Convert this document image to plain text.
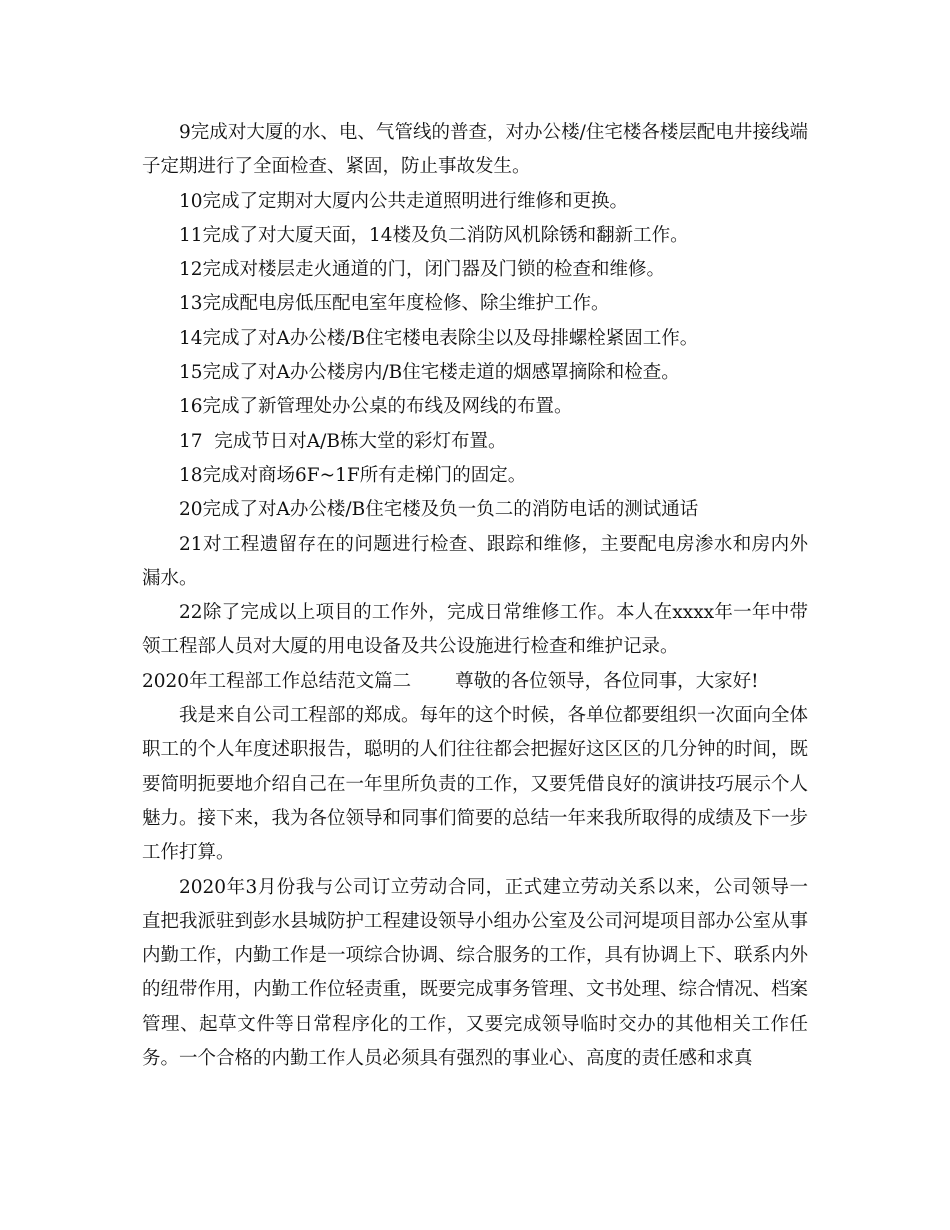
9完成对大厦的水、电、气管线的普查，对办公楼/住宅楼各楼层配电井接线端子定期进行了全面检查、紧固，防止事故发生。

10完成了定期对大厦内公共走道照明进行维修和更换。

11完成了对大厦天面，14楼及负二消防风机除锈和翻新工作。

12完成对楼层走火通道的门，闭门器及门锁的检查和维修。

13完成配电房低压配电室年度检修、除尘维护工作。

14完成了对A办公楼/B住宅楼电表除尘以及母排螺栓紧固工作。

15完成了对A办公楼房内/B住宅楼走道的烟感罩摘除和检查。

16完成了新管理处办公桌的布线及网线的布置。

17  完成节日对A/B栋大堂的彩灯布置。

18完成对商场6F~1F所有走梯门的固定。

20完成了对A办公楼/B住宅楼及负一负二的消防电话的测试通话

21对工程遗留存在的问题进行检查、跟踪和维修，主要配电房渗水和房内外漏水。

22除了完成以上项目的工作外，完成日常维修工作。本人在xxxx年一年中带领工程部人员对大厦的用电设备及共公设施进行检查和维护记录。

2020年工程部工作总结范文篇二 尊敬的各位领导，各位同事，大家好!

我是来自公司工程部的郑成。每年的这个时候，各单位都要组织一次面向全体职工的个人年度述职报告，聪明的人们往往都会把握好这区区的几分钟的时间，既要简明扼要地介绍自己在一年里所负责的工作，又要凭借良好的演讲技巧展示个人魅力。接下来，我为各位领导和同事们简要的总结一年来我所取得的成绩及下一步工作打算。

2020年3月份我与公司订立劳动合同，正式建立劳动关系以来，公司领导一直把我派驻到彭水县城防护工程建设领导小组办公室及公司河堤项目部办公室从事内勤工作，内勤工作是一项综合协调、综合服务的工作，具有协调上下、联系内外的纽带作用，内勤工作位轻责重，既要完成事务管理、文书处理、综合情况、档案管理、起草文件等日常程序化的工作，又要完成领导临时交办的其他相关工作任务。一个合格的内勤工作人员必须具有强烈的事业心、高度的责任感和求真
